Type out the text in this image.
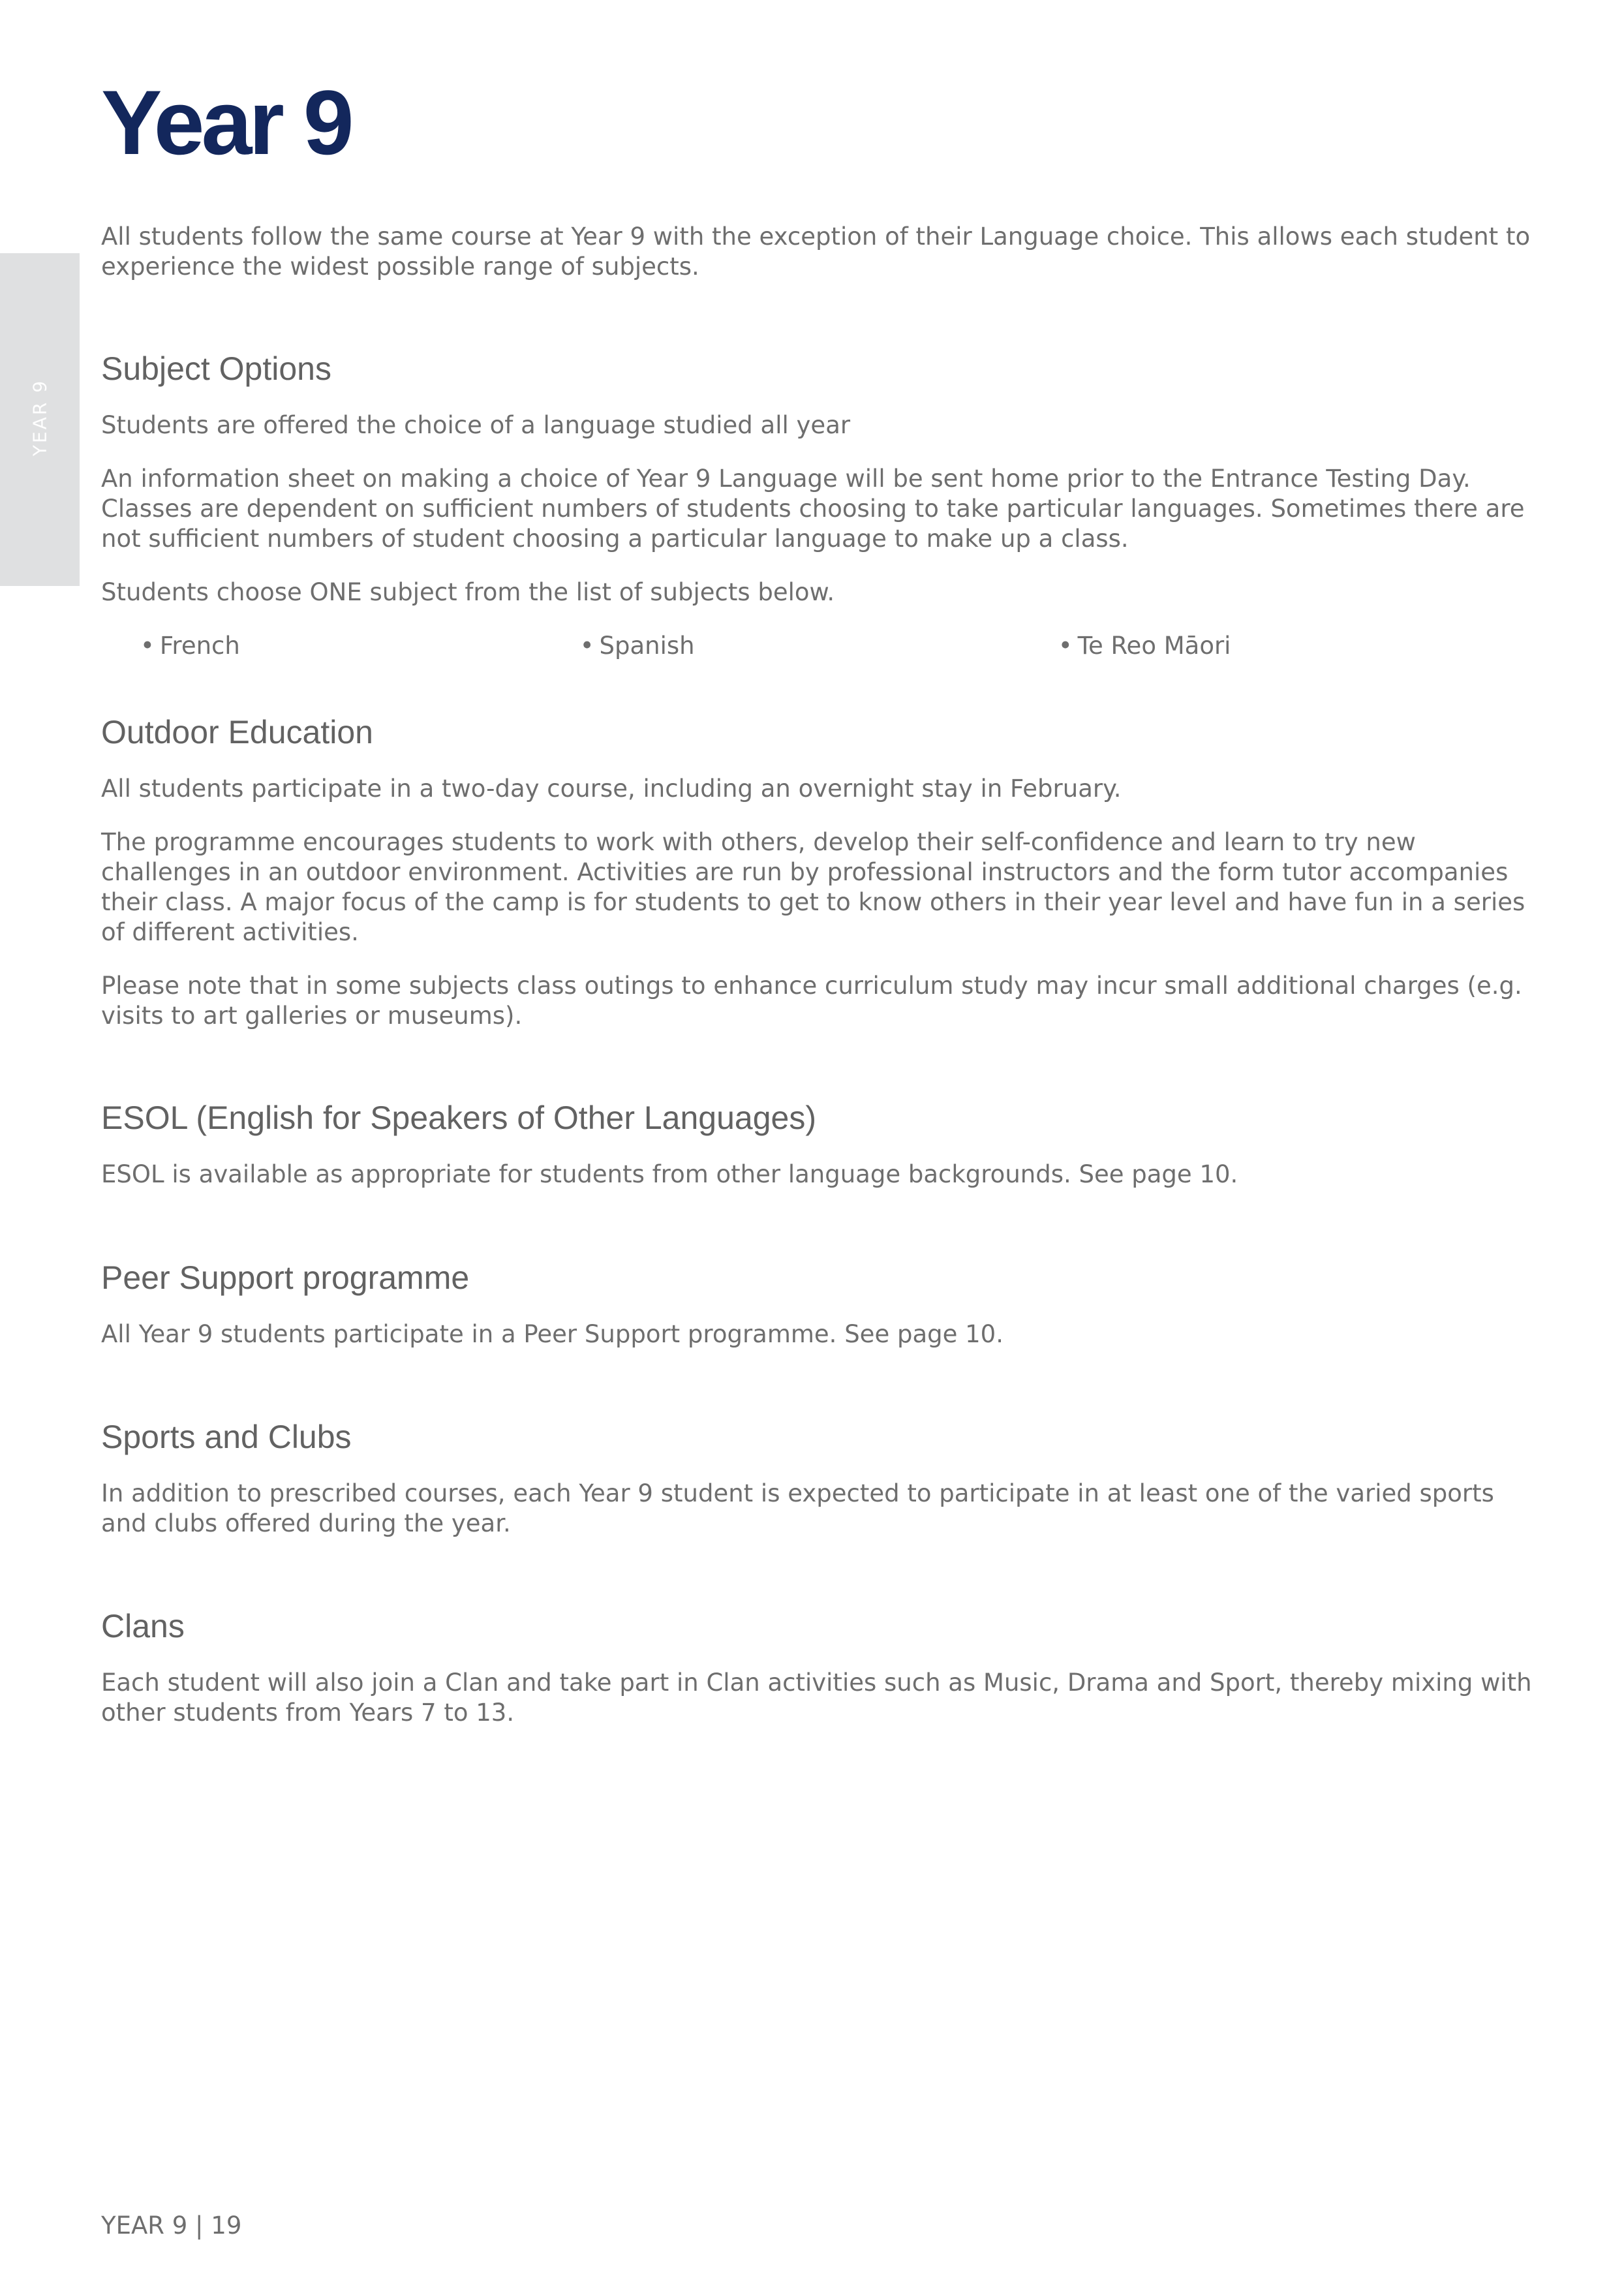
YEAR 9
Year 9

All students follow the same course at Year 9 with the exception of their Language choice. This allows each student to experience the widest possible range of subjects.

Subject Options

Students are offered the choice of a language studied all year

An information sheet on making a choice of Year 9 Language will be sent home prior to the Entrance Testing Day. Classes are dependent on sufficient numbers of students choosing to take particular languages. Sometimes there are not sufficient numbers of student choosing a particular language to make up a class.

Students choose ONE subject from the list of subjects below.

• French	• Spanish	• Te Reo Māori
Outdoor Education

All students participate in a two-day course, including an overnight stay in February.

The programme encourages students to work with others, develop their self-confidence and learn to try new challenges in an outdoor environment. Activities are run by professional instructors and the form tutor accompanies their class. A major focus of the camp is for students to get to know others in their year level and have fun in a series of different activities.

Please note that in some subjects class outings to enhance curriculum study may incur small additional charges (e.g. visits to art galleries or museums).

ESOL (English for Speakers of Other Languages)

ESOL is available as appropriate for students from other language backgrounds. See page 10.

Peer Support programme

All Year 9 students participate in a Peer Support programme. See page 10.

Sports and Clubs

In addition to prescribed courses, each Year 9 student is expected to participate in at least one of the varied sports and clubs offered during the year.

Clans

Each student will also join a Clan and take part in Clan activities such as Music, Drama and Sport, thereby mixing with other students from Years 7 to 13.

YEAR 9 | 19
